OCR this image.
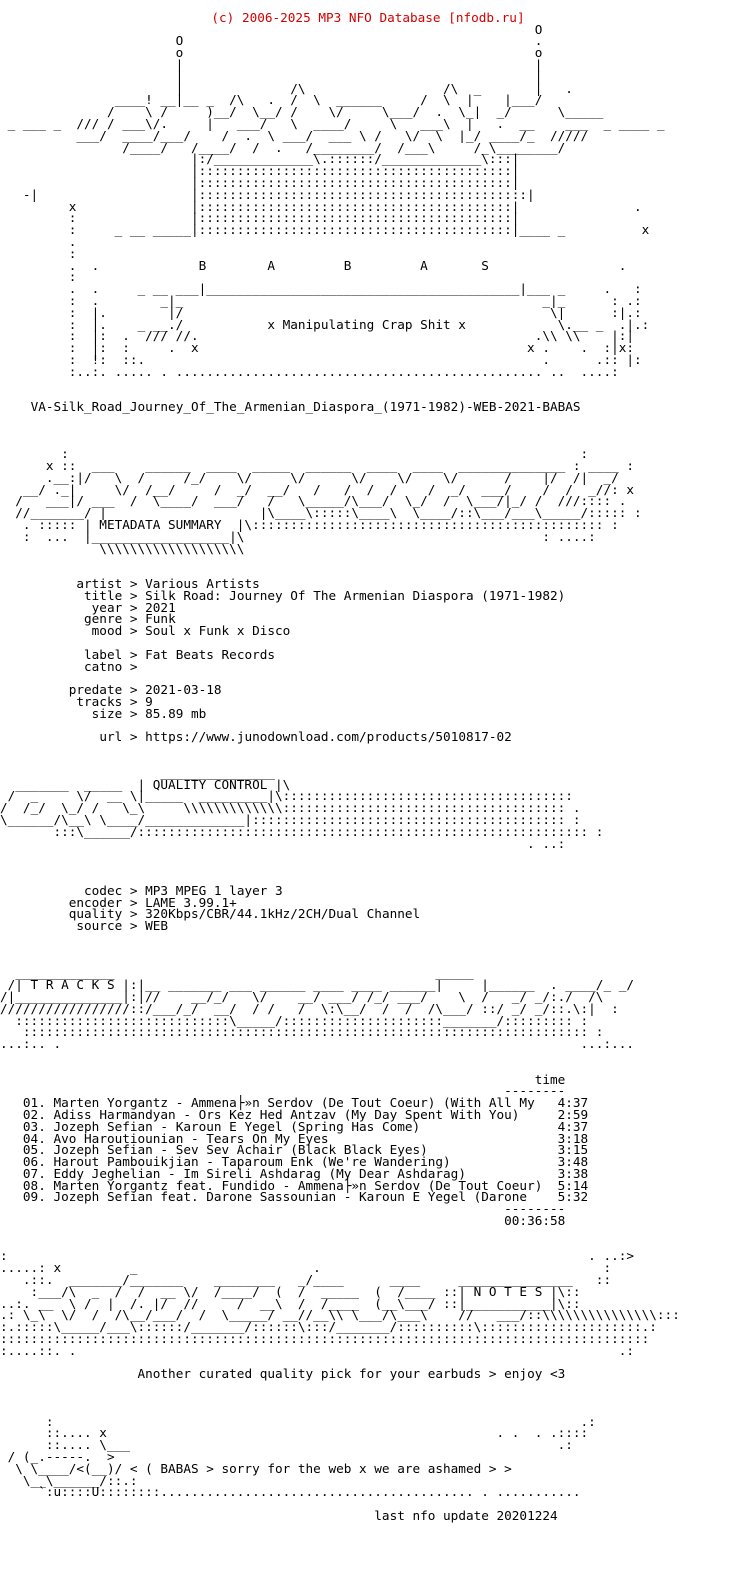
(c) 2006-2025 MP3 NFO Database [nfodb.ru]
O
O                                              .
o                                              o
|                                              |
|                                              |
|              /\                  /\  _       |   .
____! __|__ _  /\   .  /  \  ______     /  \  |    |___/
/    \ /     )__/  \__/ /    \/     \___/  .  \_|  _/      \_____
_ ___ _  /// / ___\/.     |   ___/   \  ____/     \   ___\  |   .  __    ___  _ ____ _
___/  ____/___/    /  .  \ ___/  ___ \ /   \/  \  |_/ ____/_  /////
/____/   /____/  /  .   /________/  /___\     /_\________/
|:/_____________\.::::::/_____________\:::|
|:::::::::::::::::::::::::::::::::::::::::|
|:::::::::::::::::::::::::::::::::::::::::|
-|                    |:::::::::::::::::::::::::::::::::::::::::::|
x               |:::::::::::::::::::::::::::::::::::::::::|               .
:               |:::::::::::::::::::::::::::::::::::::::::|
:     _ __ _____|:::::::::::::::::::::::::::::::::::::::::|____ _          x
.
:
.  .             B        A         B         A       S                 .
:
.  .     _ __ ___|_________________________________________|___ _     .   :
:  .        _|_                                               _|_      : .:
:  |.        |/                                                \|      :|.:
:  |.    _ __./           x Manipulating Crap Shit x            \.__ _  .|.:
:  |:  .  /// //.                                            .\\ \\    |:|
:  |:  :     .  x                                           x .    .  :|x:
:  !:  ::.                                                    .      .:: |:
:..:. ..... . ................................................ ..  ....:
VA-Silk_Road_Journey_Of_The_Armenian_Diaspora_(1971-1982)-WEB-2021-BABAS
:                                                                   :
x ::  ___    ______  ____  _____  ______  ____  ____  ______________ : ____ :
.__:|/   \  /     /_/    \/     \/      \/    \/    \/      /    |/  /|  _/
__/ ._|     \/  /__/     /  _/  __/   /   /  /  /    /  _/  ___/    /  /  _//: x
/   ___|/ ___  /  \____/  ___/   /   \_____/\___/  \_/  /  \___/|_/ /  ///:::: .
//_______/ |                    |\____\:::::\____\  \____/::\___/___\_____/::::: :
. ::::: | METADATA SUMMARY  |\:::::::::::::::::::::::::::::::::::::::::::::: :
:  ...  |__________________|\                                       : ....:
\\\\\\\\\\\\\\\\\\\
artist > Various Artists
title > Silk Road: Journey Of The Armenian Diaspora (1971-1982)
year > 2021
genre > Funk
mood > Soul x Funk x Disco
label > Fat Beats Records
catno >
predate > 2021-03-18
tracks > 9
size > 85.89 mb
url > https://www.junodownload.com/products/5010817-02
_______________
_______  _____  | QUALITY CONTROL |\
/  _     \/  __ \|_____  _________|\::::::::::::::::::::::::::::::::::::::
/  /_/  \_/ /   \_\     \\\\\\\\\\\\\::::::::::::::::::::::::::::::::::::: .
\______/\__\ \____/_____________|::::::::::::::::::::::::::::::::::::::::: :
:::\______/::::::::::::::::::::::::::::::::::::::::::::::::::::::::::: :
. ..:
codec > MP3 MPEG 1 layer 3
encoder > LAME 3.99.1+
quality > 320Kbps/CBR/44.1kHz/2CH/Dual Channel
source > WEB
_____________                                          _____
/| T R A C K S |:|__ _______ ___ ______ ____ ____ ______|     |______  . ____/_ _/
/|______________|:|//    __/_/   \/    __/ ___/ /_/ ___/    \  /   _/ _/:./  /\
/////////////////::/___/_/  __/  / /   /  \:\__/  /  /  /\___/ ::/ _/ _/::.\:|  :
::::::::::::::::::::::::::::\_____/:::::::::::::::::::::_______/::::::::: :
:::::::::::::::::::::::::::::::::::::::::::::::::::::::::::::::::::::::::: :
...:.. .                                                                    ...:...
time
--------
01. Marten Yorgantz - Ammena├»n Serdov (De Tout Coeur) (With All My 4:37
02. Adiss Harmandyan - Ors Kez Hed Antzav (My Day Spent With You)	2:59
03. Jozeph Sefian - Karoun E Yegel (Spring Has Come)	4:37
04. Avo Haroutiounian - Tears On My Eyes	3:18
05. Jozeph Sefian - Sev Sev Achair (Black Black Eyes)	3:15
06. Harout Pambouikjian - Taparoum Enk (We're Wandering)	3:48
07. Eddy Jeghelian - Im Sireli Ashdarag (My Dear Ashdarag)	3:38
08. Marten Yorgantz feat. Fundido - Ammena├»n Serdov (De Tout Coeur) 5:14
09. Jozeph Sefian feat. Darone Sassounian - Karoun E Yegel (Darone 5:32
--------
00:36:58
:                                                                            . ..:>
.....: x         _                       .                                     :
.::.  _______/_______    ________   _/____      ____     _______________   ::
:___/\  _  /  /  __ \/  /____/  (  /  _____  (  /____ ::| N O T E S |\::
..:. __  \ /  |  /. |/  //     /  __\  /  /____  (__\___/ ::|___________|\::
.: \_\  \/  /  /\__/___/  /  \_____/ __//__\\ \___/\___\    //   ___/::\\\\\\\\\\\\\\\:::
:.:::::\_____/___\::::::/_______/::::::\:::/_______/::::::::::\:::::::::::::::::::::.:
:::::::::::::::::::::::::::::::::::::::::::::::::::::::::::::::::::::::::::::::::::::
:....::. .                                                                       .:
Another curated quality pick for your earbuds > enjoy <3
:                                                                     .:
::.... x                                                   . .  . .::::
::.... \___                                                        .:
/ (_.-----.  >
\ \____/<(__)/ < ( BABAS > sorry for the web x we are ashamed > >
\__\______/::.:
`:u::::U::::::::......................................... . ...........
last nfo update 20201224
